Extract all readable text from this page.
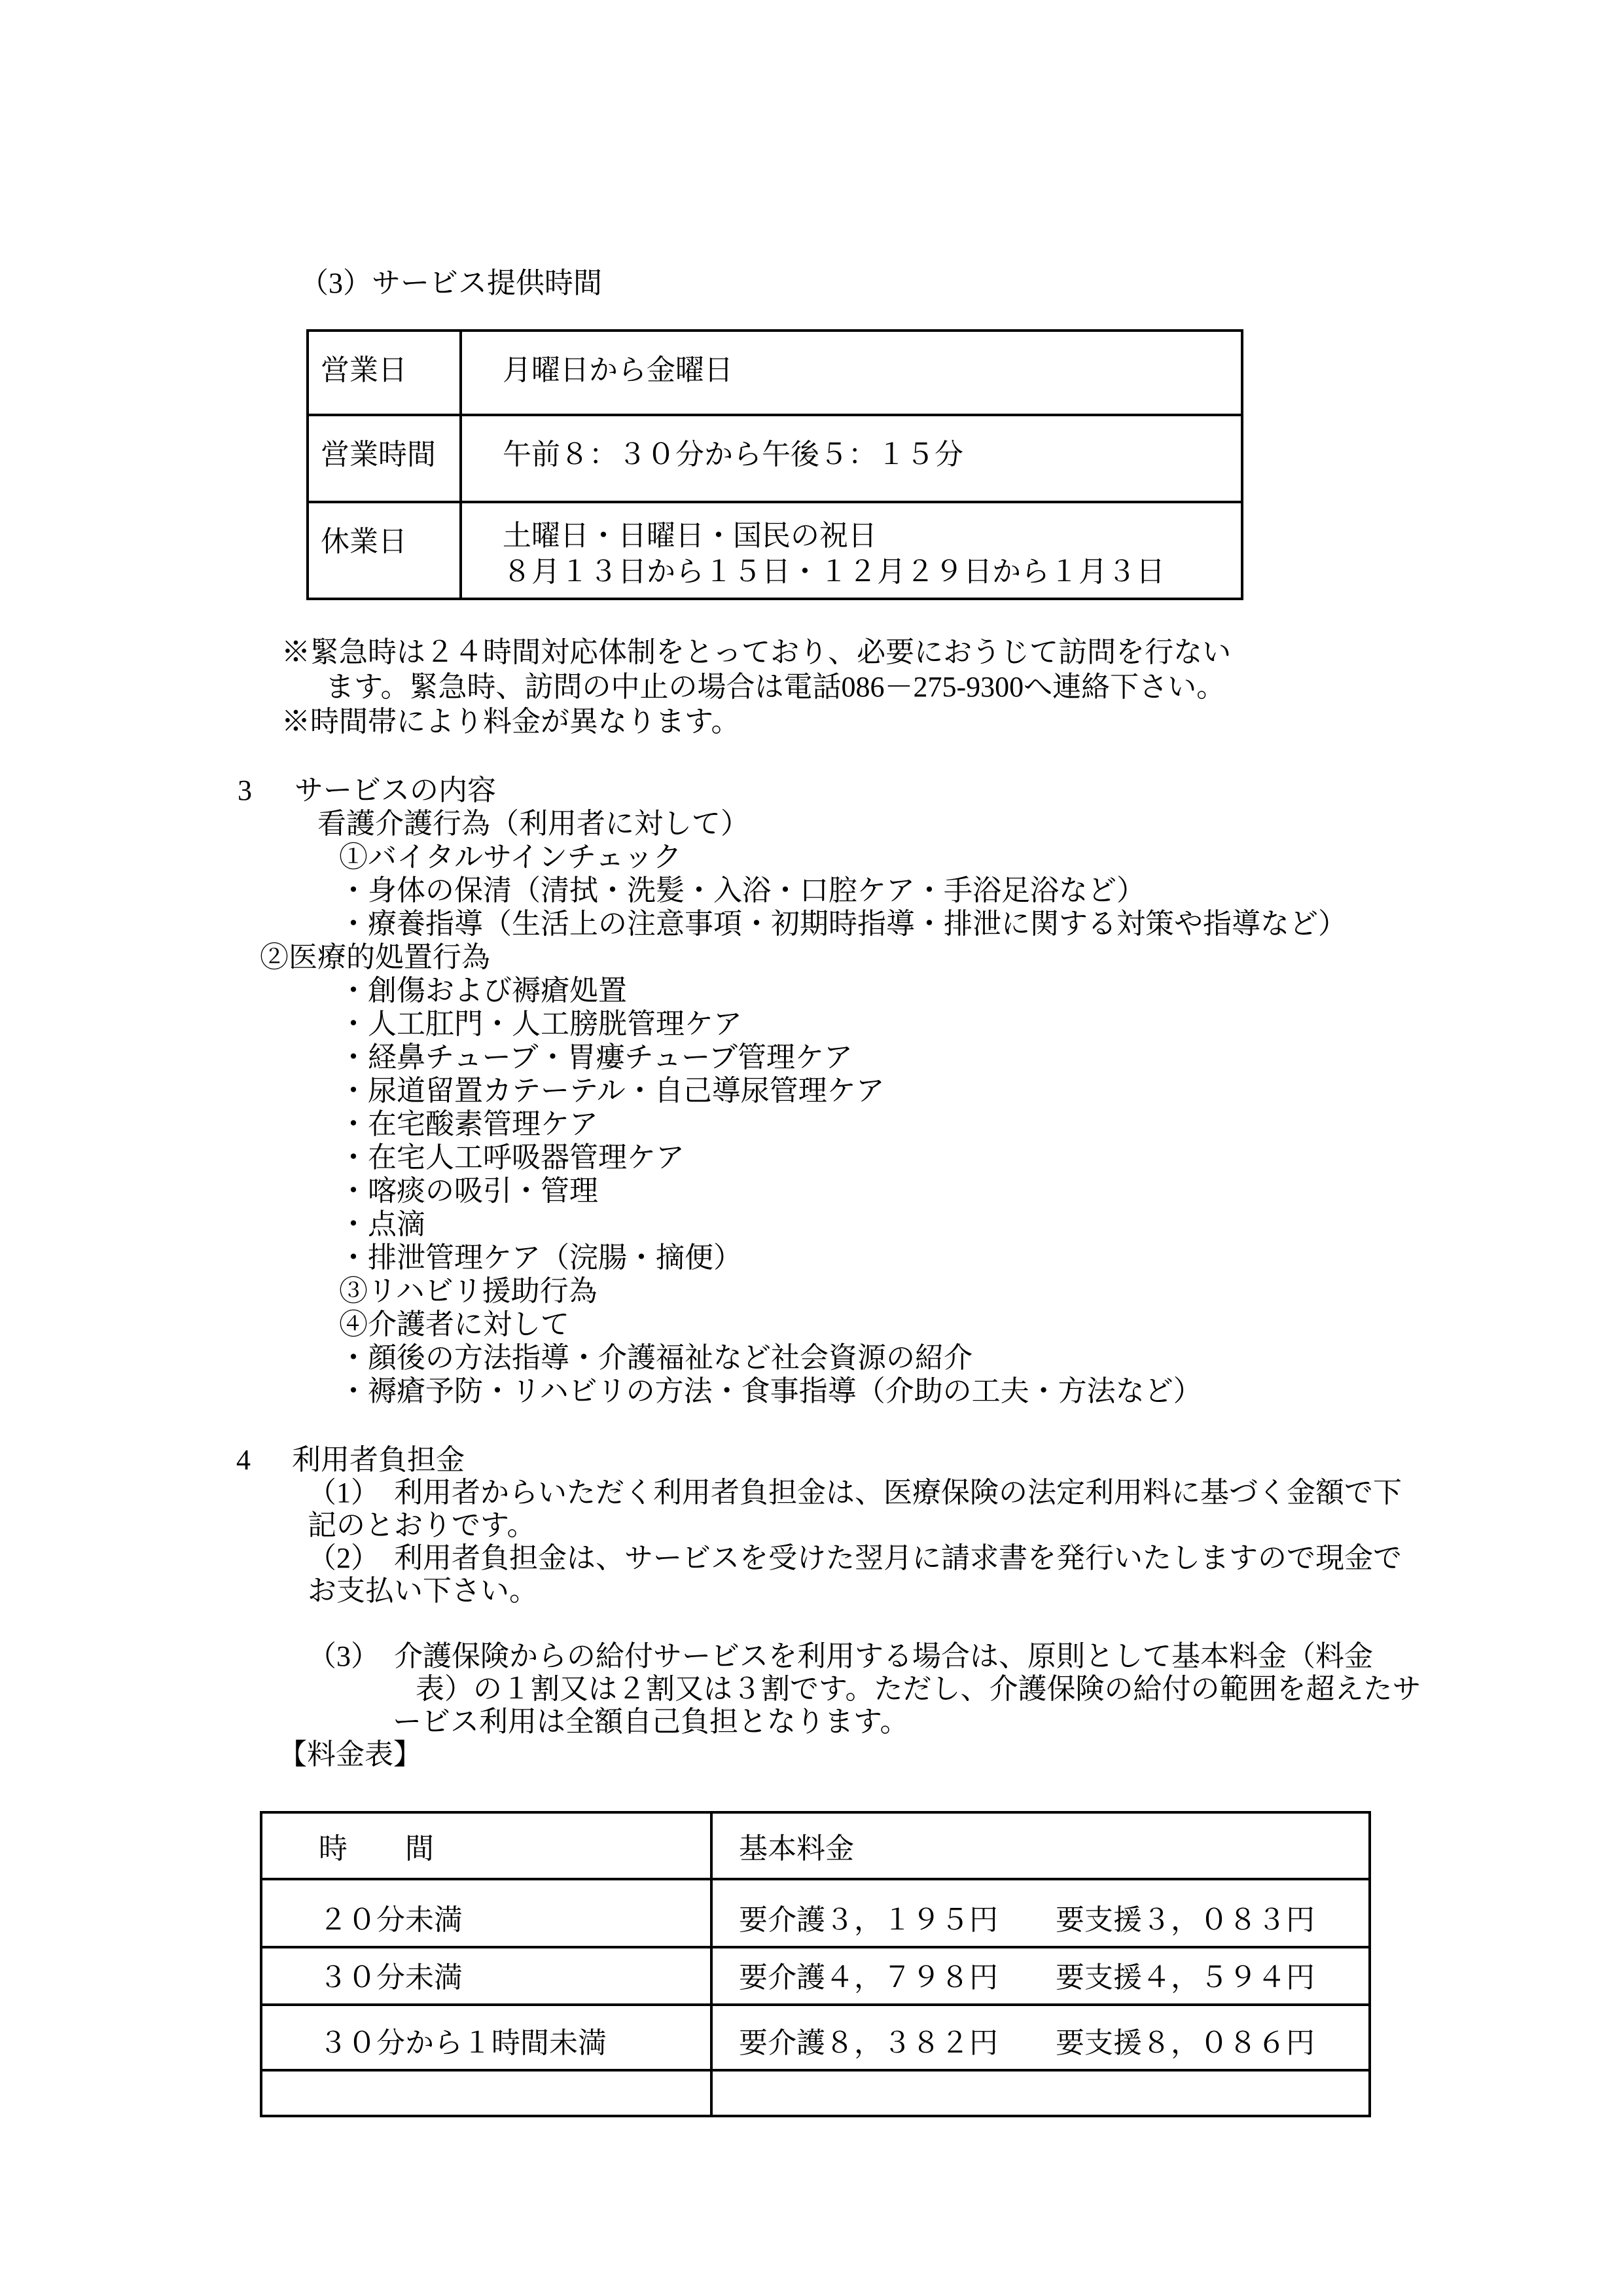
（3）サービス提供時間
営業日	月曜日から金曜日
営業時間	午前８：３０分から午後５：１５分
休業日	土曜日・日曜日・国民の祝日
８月１３日から１５日・１２月２９日から１月３日
※緊急時は２４時間対応体制をとっており、必要におうじて訪問を行ない
ます。緊急時、訪問の中止の場合は電話086－275-9300へ連絡下さい。
※時間帯により料金が異なります。
3 サービスの内容
看護介護行為（利用者に対して）
①バイタルサインチェック
・身体の保清（清拭・洗髪・入浴・口腔ケア・手浴足浴など）
・療養指導（生活上の注意事項・初期時指導・排泄に関する対策や指導など）
②医療的処置行為
・創傷および褥瘡処置
・人工肛門・人工膀胱管理ケア
・経鼻チューブ・胃瘻チューブ管理ケア
・尿道留置カテーテル・自己導尿管理ケア
・在宅酸素管理ケア
・在宅人工呼吸器管理ケア
・喀痰の吸引・管理
・点滴
・排泄管理ケア（浣腸・摘便）
③リハビリ援助行為
④介護者に対して
・顔後の方法指導・介護福祉など社会資源の紹介
・褥瘡予防・リハビリの方法・食事指導（介助の工夫・方法など）
4 利用者負担金
（1）　利用者からいただく利用者負担金は、医療保険の法定利用料に基づく金額で下
記のとおりです。
（2）　利用者負担金は、サービスを受けた翌月に請求書を発行いたしますので現金で
お支払い下さい。
（3）　介護保険からの給付サービスを利用する場合は、原則として基本料金（料金
表）の１割又は２割又は３割です。ただし、介護保険の給付の範囲を超えたサ
ービス利用は全額自己負担となります。
【料金表】
時　　間	基本料金
２０分未満	要介護３，１９５円 要支援３，０８３円
３０分未満	要介護４，７９８円 要支援４，５９４円
３０分から１時間未満	要介護８，３８２円 要支援８，０８６円
